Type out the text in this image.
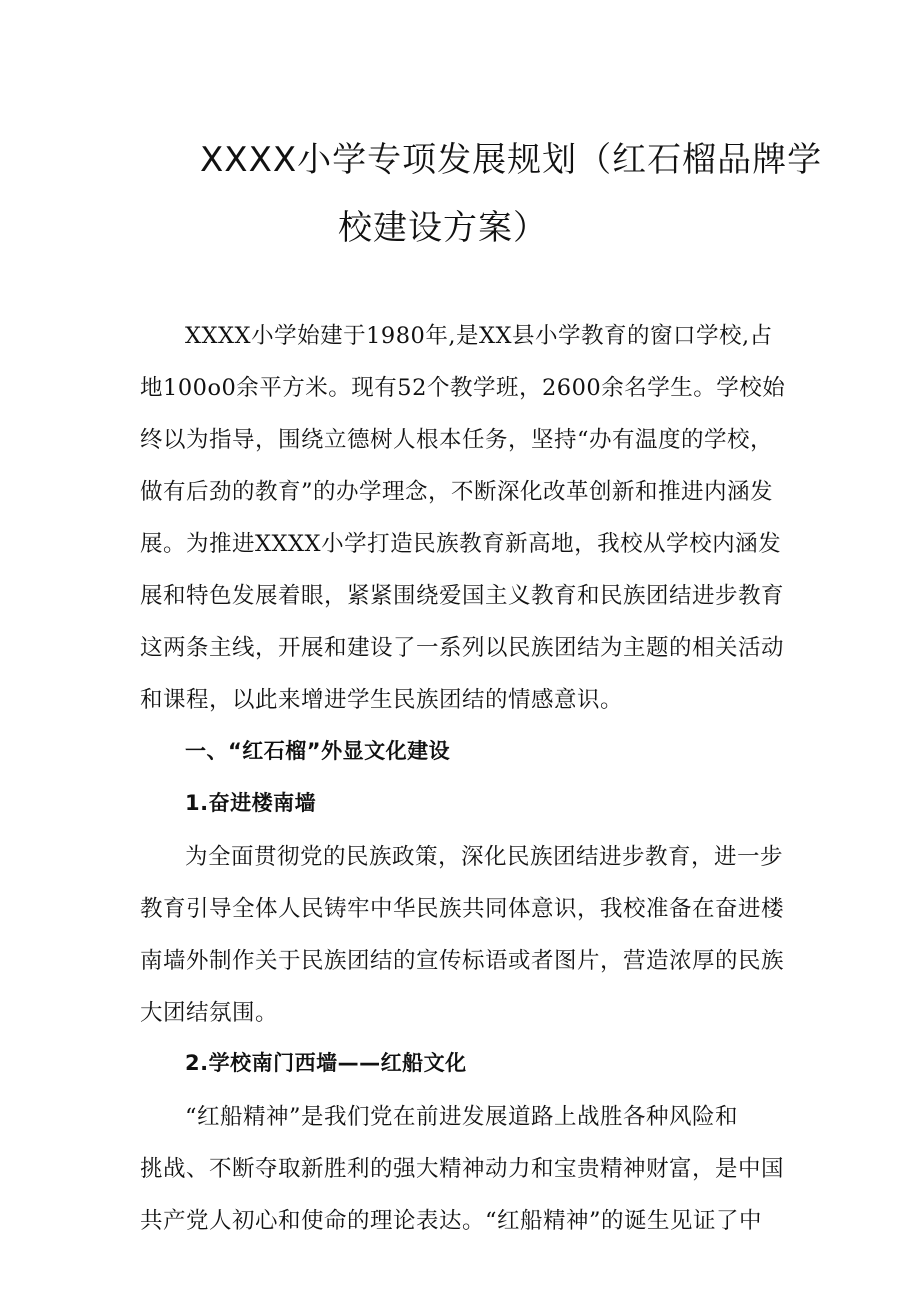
XXXX小学专项发展规划（红石榴品牌学
校建设方案）
XXXX小学始建于1980年,是XX县小学教育的窗口学校,占
地100o0余平方米。现有52个教学班，2600余名学生。学校始
终以为指导，围绕立德树人根本任务，坚持“办有温度的学校，
做有后劲的教育”的办学理念，不断深化改革创新和推进内涵发
展。为推进XXXX小学打造民族教育新高地，我校从学校内涵发
展和特色发展着眼，紧紧围绕爱国主义教育和民族团结进步教育
这两条主线，开展和建设了一系列以民族团结为主题的相关活动
和课程，以此来增进学生民族团结的情感意识。
一、“红石榴”外显文化建设
1.奋进楼南墙
为全面贯彻党的民族政策，深化民族团结进步教育，进一步
教育引导全体人民铸牢中华民族共同体意识，我校准备在奋进楼
南墙外制作关于民族团结的宣传标语或者图片，营造浓厚的民族
大团结氛围。
2.学校南门西墙——红船文化
“红船精神”是我们党在前进发展道路上战胜各种风险和
挑战、不断夺取新胜利的强大精神动力和宝贵精神财富，是中国
共产党人初心和使命的理论表达。“红船精神”的诞生见证了中
